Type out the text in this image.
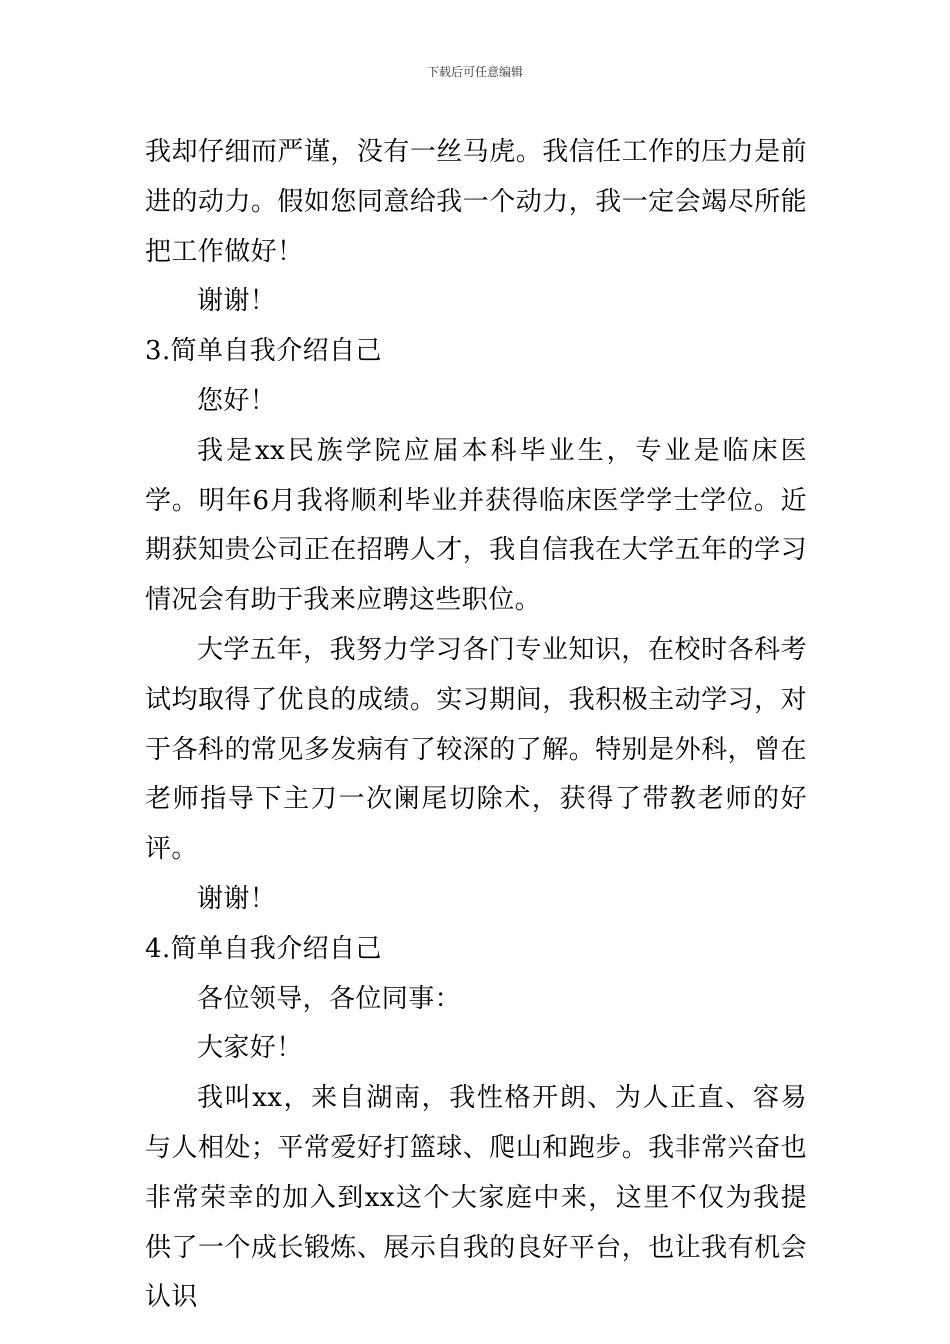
下载后可任意编辑

我却仔细而严谨，没有一丝马虎。我信任工作的压力是前进的动力。假如您同意给我一个动力，我一定会竭尽所能把工作做好！

谢谢！

3.简单自我介绍自己

您好！

我是xx民族学院应届本科毕业生，专业是临床医学。明年6月我将顺利毕业并获得临床医学学士学位。近期获知贵公司正在招聘人才，我自信我在大学五年的学习情况会有助于我来应聘这些职位。

大学五年，我努力学习各门专业知识，在校时各科考试均取得了优良的成绩。实习期间，我积极主动学习，对于各科的常见多发病有了较深的了解。特别是外科，曾在老师指导下主刀一次阑尾切除术，获得了带教老师的好评。

谢谢！

4.简单自我介绍自己

各位领导，各位同事：

大家好！

我叫xx，来自湖南，我性格开朗、为人正直、容易与人相处；平常爱好打篮球、爬山和跑步。我非常兴奋也非常荣幸的加入到xx这个大家庭中来，这里不仅为我提供了一个成长锻炼、展示自我的良好平台，也让我有机会认识
